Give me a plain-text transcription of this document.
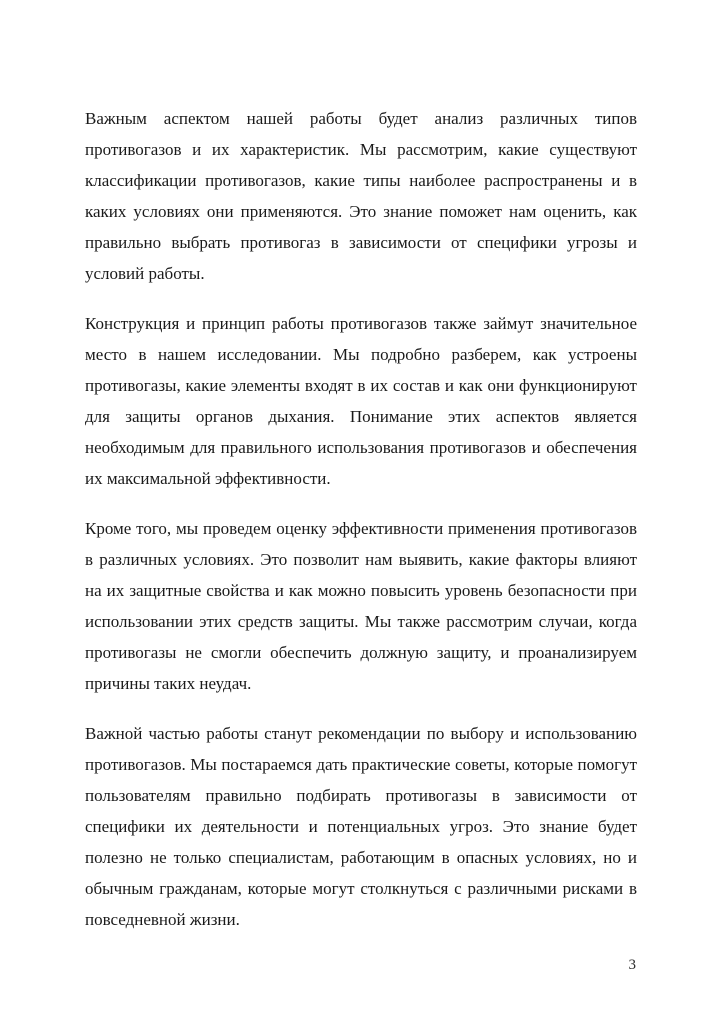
Важным аспектом нашей работы будет анализ различных типов противогазов и их характеристик. Мы рассмотрим, какие существуют классификации противогазов, какие типы наиболее распространены и в каких условиях они применяются. Это знание поможет нам оценить, как правильно выбрать противогаз в зависимости от специфики угрозы и условий работы.

Конструкция и принцип работы противогазов также займут значительное место в нашем исследовании. Мы подробно разберем, как устроены противогазы, какие элементы входят в их состав и как они функционируют для защиты органов дыхания. Понимание этих аспектов является необходимым для правильного использования противогазов и обеспечения их максимальной эффективности.

Кроме того, мы проведем оценку эффективности применения противогазов в различных условиях. Это позволит нам выявить, какие факторы влияют на их защитные свойства и как можно повысить уровень безопасности при использовании этих средств защиты. Мы также рассмотрим случаи, когда противогазы не смогли обеспечить должную защиту, и проанализируем причины таких неудач.

Важной частью работы станут рекомендации по выбору и использованию противогазов. Мы постараемся дать практические советы, которые помогут пользователям правильно подбирать противогазы в зависимости от специфики их деятельности и потенциальных угроз. Это знание будет полезно не только специалистам, работающим в опасных условиях, но и обычным гражданам, которые могут столкнуться с различными рисками в повседневной жизни.

3
